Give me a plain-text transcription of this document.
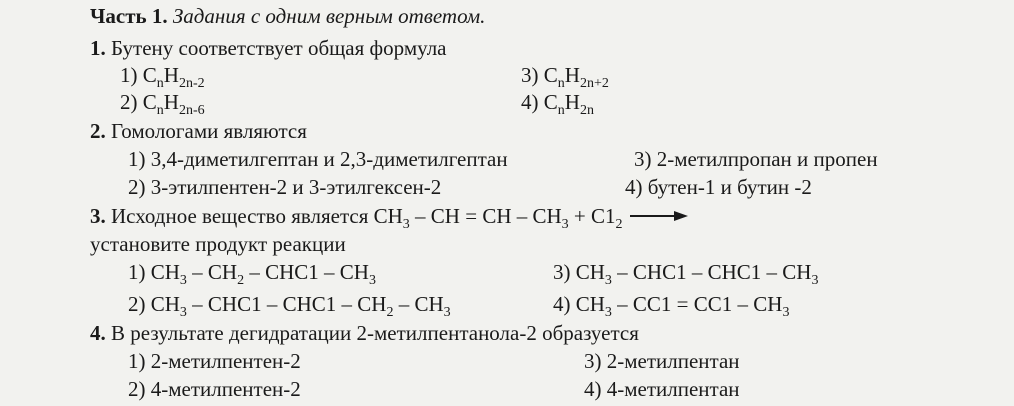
Часть 1. Задания с одним верным ответом.
1. Бутену соответствует общая формула
1) $C_nH_{2n-2}$
2) $C_nH_{2n-6}$
3) $C_nH_{2n+2}$
4) $C_nH_{2n}$
2. Гомологами являются
1) 3,4-диметилгептан и 2,3-диметилгептан
2) 3-этилпентен-2 и 3-этилгексен-2
3) 2-метилпропан и пропен
4) бутен-1 и бутин -2
3. Исходное вещество является $CH_3$ – CH = CH – $CH_3 + C1_2$
установите продукт реакции
1) $CH_3 - CH_2 - CHC1 - CH_3$
2) $CH_3 - CHC1 - CHC1 - CH_2 - CH_3$
3) $CH_3 - CHC1 - CHC1 - CH_3$
4) $CH_3 - CC1 = CC1 - CH_3$
4. В результате дегидратации 2-метилпентанола-2 образуется
1) 2-метилпентен-2
2) 4-метилпентен-2
3) 2-метилпентан
4) 4-метилпентан
